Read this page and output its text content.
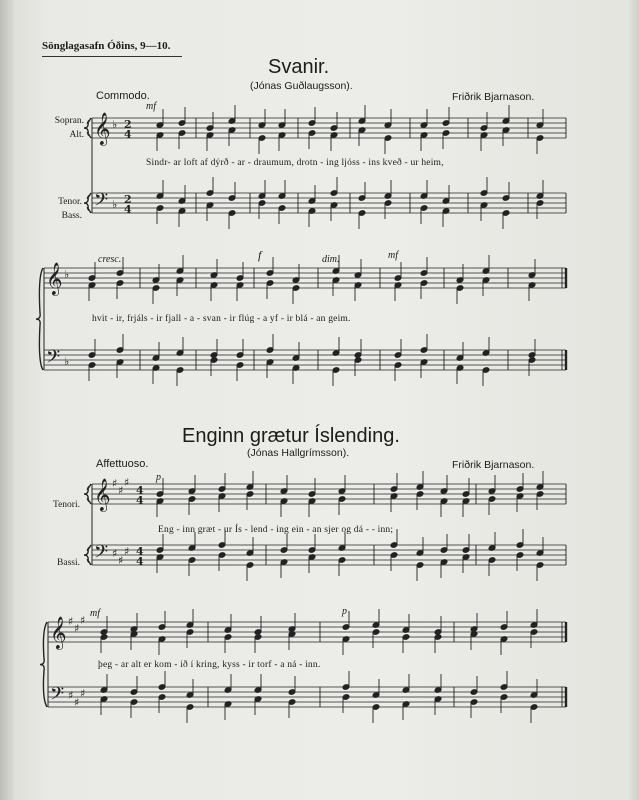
𝄞
𝄢
♭
♭
2
4
2
4
𝄞
𝄢
♭
♭
𝄞
𝄢
♯
♯
♯
♯
♯
♯
4
4
4
4
𝄞
𝄢
♯
♯
♯
♯
♯
♯
Sönglagasafn Óðins, 9—10.
Svanir.
(Jónas Guðlaugsson).
Commodo.	Friðrik Bjarnason.
mf
Sopran.
Alt.
Sindr- ar loft af dýrð - ar - draumum, drotn - ing ljóss - ins kveð - ur heim,
Tenor.
Bass.
cresc.	f	dim.	mf
hvit - ir, frjáls - ir fjall - a - svan - ir flúg - a yf - ir blá - an geim.
Enginn grætur Íslending.
(Jónas Hallgrímsson).
Affettuoso.	Friðrik Bjarnason.
p
Tenori.
Eng - inn græt - ur Ís - lend - ing ein - an sjer og dá - - inn;
Bassi.
mf	p
þeg - ar alt er kom - ið í kring, kyss - ir torf - a ná - inn.
